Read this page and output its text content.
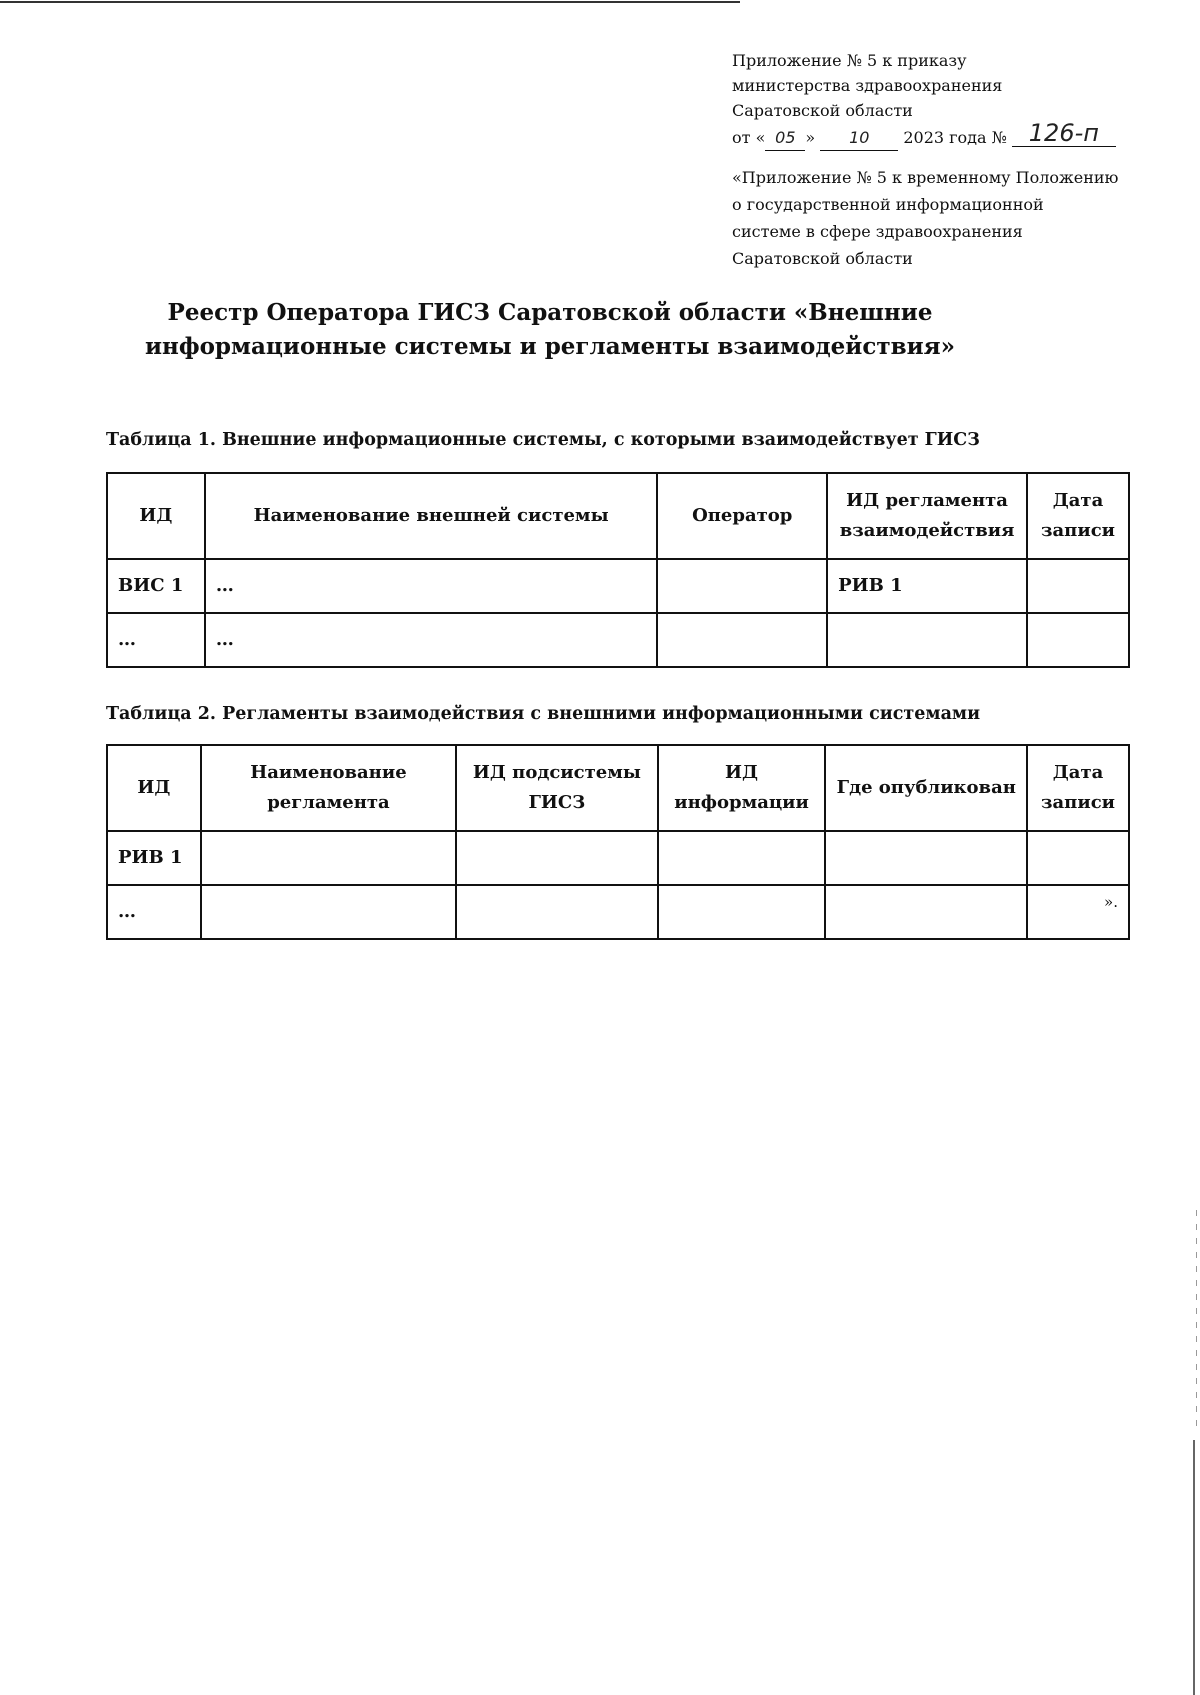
Приложение № 5 к приказу
министерства здравоохранения
Саратовской области
от « 05 » 10 2023 года № 126-п
«Приложение № 5 к временному Положению
о государственной информационной
системе в сфере здравоохранения
Саратовской области
Реестр Оператора ГИСЗ Саратовской области «Внешние
информационные системы и регламенты взаимодействия»
Таблица 1. Внешние информационные системы, с которыми взаимодействует ГИСЗ
ИД	Наименование внешней системы	Оператор	ИД регламента взаимодействия	Дата записи
ВИС 1	…		РИВ 1	
…	…			
Таблица 2. Регламенты взаимодействия с внешними информационными системами
ИД	Наименование регламента	ИД подсистемы ГИСЗ	ИД информации	Где опубликован	Дата записи
РИВ 1					
…					».
